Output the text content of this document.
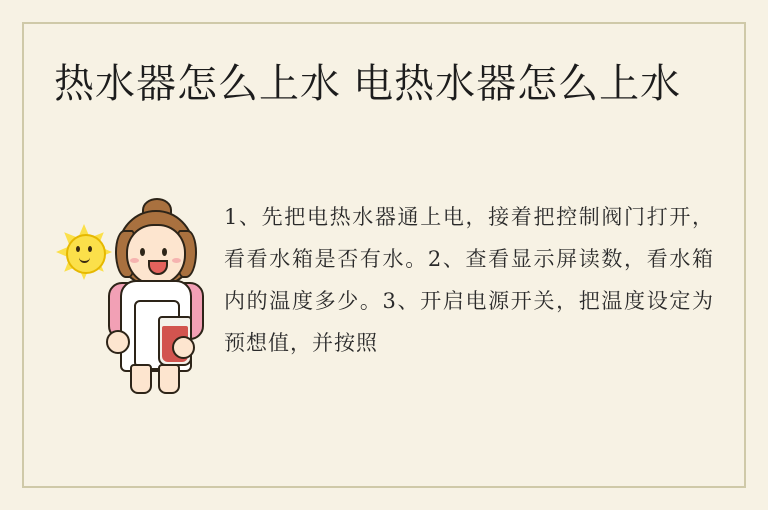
热水器怎么上水 电热水器怎么上水
1、先把电热水器通上电，接着把控制阀门打开，看看水箱是否有水。2、查看显示屏读数，看水箱内的温度多少。3、开启电源开关，把温度设定为预想值，并按照
